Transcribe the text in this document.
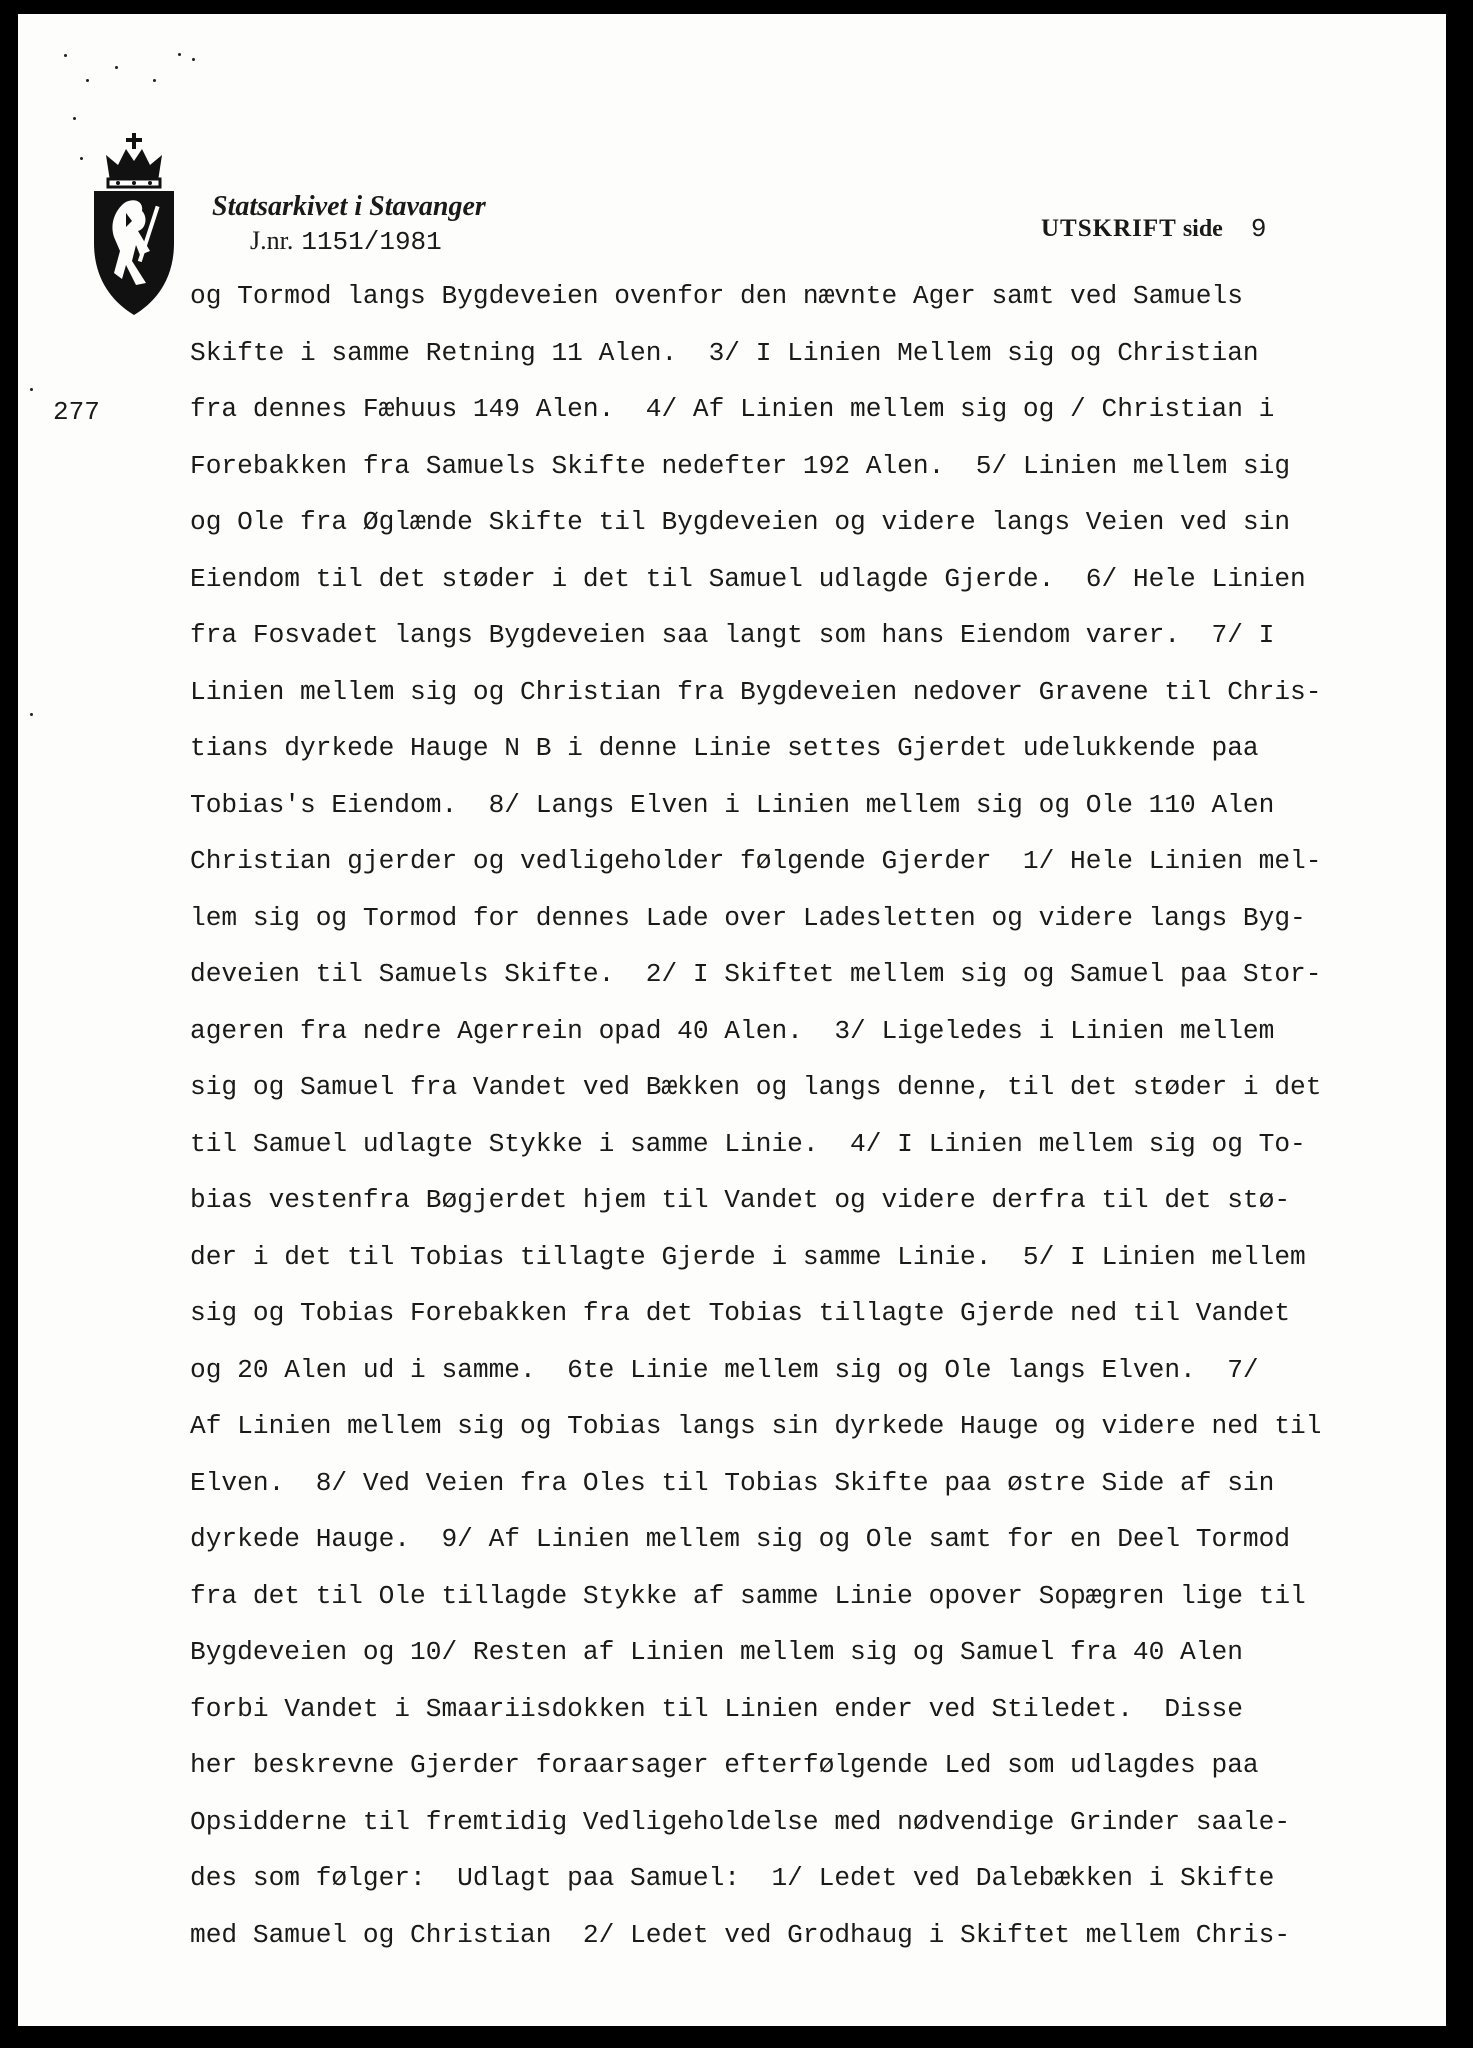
Statsarkivet i Stavanger
J.nr. 1151/1981	UTSKRIFT side 9
277
og Tormod langs Bygdeveien ovenfor den nævnte Ager samt ved Samuels
Skifte i samme Retning 11 Alen.  3/ I Linien Mellem sig og Christian
fra dennes Fæhuus 149 Alen.  4/ Af Linien mellem sig og / Christian i
Forebakken fra Samuels Skifte nedefter 192 Alen.  5/ Linien mellem sig
og Ole fra Øglænde Skifte til Bygdeveien og videre langs Veien ved sin
Eiendom til det støder i det til Samuel udlagde Gjerde.  6/ Hele Linien
fra Fosvadet langs Bygdeveien saa langt som hans Eiendom varer.  7/ I
Linien mellem sig og Christian fra Bygdeveien nedover Gravene til Chris-
tians dyrkede Hauge N B i denne Linie settes Gjerdet udelukkende paa
Tobias's Eiendom.  8/ Langs Elven i Linien mellem sig og Ole 110 Alen
Christian gjerder og vedligeholder følgende Gjerder  1/ Hele Linien mel-
lem sig og Tormod for dennes Lade over Ladesletten og videre langs Byg-
deveien til Samuels Skifte.  2/ I Skiftet mellem sig og Samuel paa Stor-
ageren fra nedre Agerrein opad 40 Alen.  3/ Ligeledes i Linien mellem
sig og Samuel fra Vandet ved Bækken og langs denne, til det støder i det
til Samuel udlagte Stykke i samme Linie.  4/ I Linien mellem sig og To-
bias vestenfra Bøgjerdet hjem til Vandet og videre derfra til det stø-
der i det til Tobias tillagte Gjerde i samme Linie.  5/ I Linien mellem
sig og Tobias Forebakken fra det Tobias tillagte Gjerde ned til Vandet
og 20 Alen ud i samme.  6te Linie mellem sig og Ole langs Elven.  7/
Af Linien mellem sig og Tobias langs sin dyrkede Hauge og videre ned til
Elven.  8/ Ved Veien fra Oles til Tobias Skifte paa østre Side af sin
dyrkede Hauge.  9/ Af Linien mellem sig og Ole samt for en Deel Tormod
fra det til Ole tillagde Stykke af samme Linie opover Sopægren lige til
Bygdeveien og 10/ Resten af Linien mellem sig og Samuel fra 40 Alen
forbi Vandet i Smaariisdokken til Linien ender ved Stiledet.  Disse
her beskrevne Gjerder foraarsager efterfølgende Led som udlagdes paa
Opsidderne til fremtidig Vedligeholdelse med nødvendige Grinder saale-
des som følger:  Udlagt paa Samuel:  1/ Ledet ved Dalebækken i Skifte
med Samuel og Christian  2/ Ledet ved Grodhaug i Skiftet mellem Chris-
